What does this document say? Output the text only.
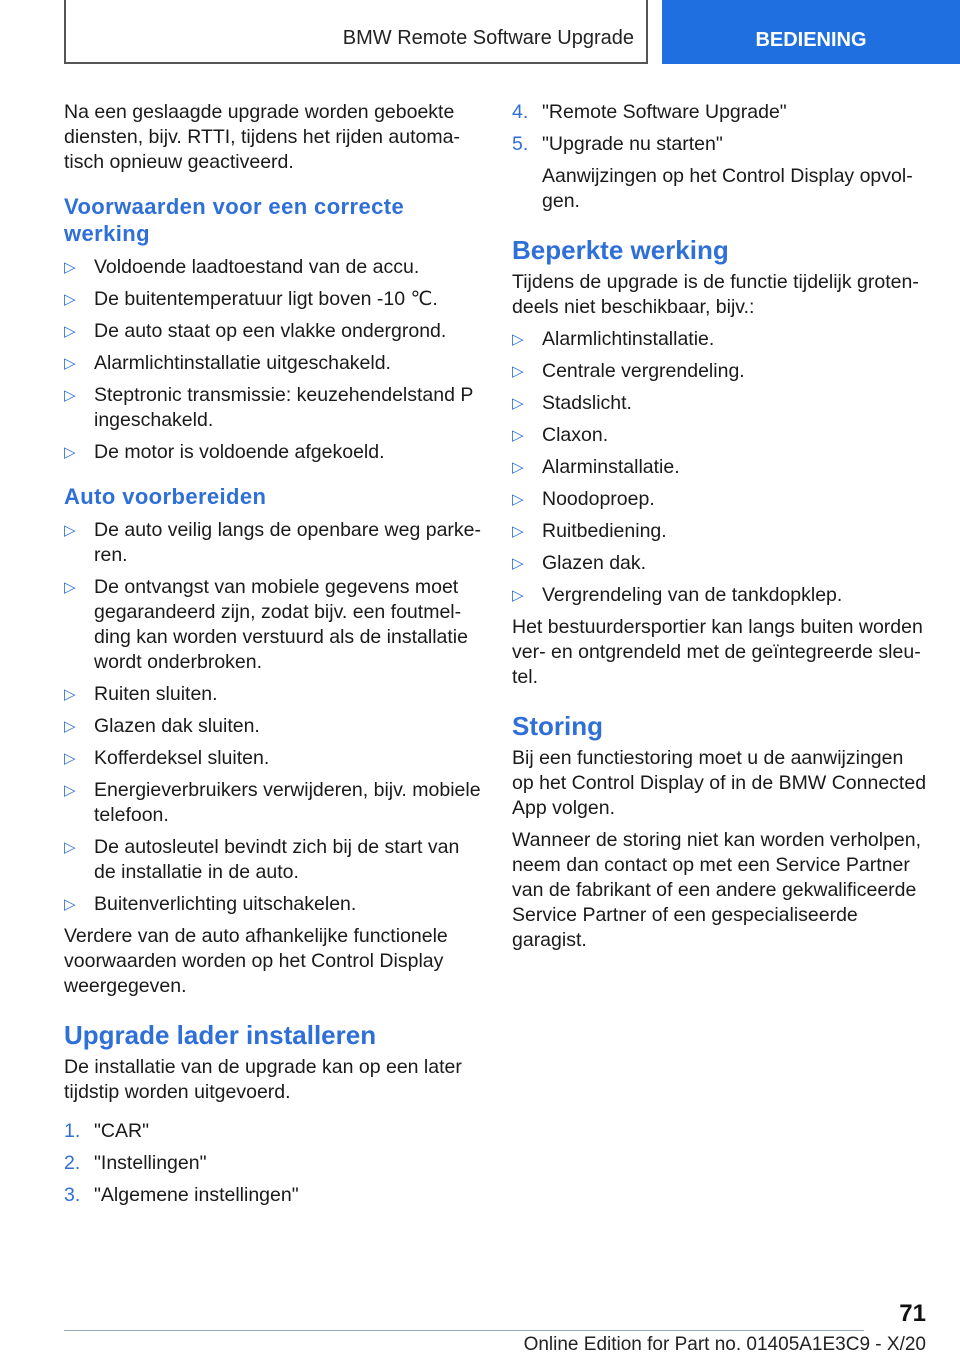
BMW Remote Software Upgrade	BEDIENING

Na een geslaagde upgrade worden geboekte diensten, bijv. RTTI, tijdens het rijden automatisch opnieuw geactiveerd.

Voorwaarden voor een correcte werking
▷ Voldoende laadtoestand van de accu.
▷ De buitentemperatuur ligt boven -10 ℃.
▷ De auto staat op een vlakke ondergrond.
▷ Alarmlichtinstallatie uitgeschakeld.
▷ Steptronic transmissie: keuzehendelstand P ingeschakeld.
▷ De motor is voldoende afgekoeld.
Auto voorbereiden
▷ De auto veilig langs de openbare weg parkeren.
▷ De ontvangst van mobiele gegevens moet gegarandeerd zijn, zodat bijv. een foutmelding kan worden verstuurd als de installatie wordt onderbroken.
▷ Ruiten sluiten.
▷ Glazen dak sluiten.
▷ Kofferdeksel sluiten.
▷ Energieverbruikers verwijderen, bijv. mobiele telefoon.
▷ De autosleutel bevindt zich bij de start van de installatie in de auto.
▷ Buitenverlichting uitschakelen.

Verdere van de auto afhankelijke functionele voorwaarden worden op het Control Display weergegeven.

Upgrade lader installeren

De installatie van de upgrade kan op een later tijdstip worden uitgevoerd.

1. "CAR"
2. "Instellingen"
3. "Algemene instellingen"
4. "Remote Software Upgrade"
5. "Upgrade nu starten"
Aanwijzingen op het Control Display opvolgen.
Beperkte werking

Tijdens de upgrade is de functie tijdelijk grotendeels niet beschikbaar, bijv.:

▷ Alarmlichtinstallatie.
▷ Centrale vergrendeling.
▷ Stadslicht.
▷ Claxon.
▷ Alarminstallatie.
▷ Noodoproep.
▷ Ruitbediening.
▷ Glazen dak.
▷ Vergrendeling van de tankdopklep.

Het bestuurdersportier kan langs buiten worden ver- en ontgrendeld met de geïntegreerde sleutel.

Storing

Bij een functiestoring moet u de aanwijzingen op het Control Display of in de BMW Connected App volgen.

Wanneer de storing niet kan worden verholpen, neem dan contact op met een Service Partner van de fabrikant of een andere gekwalificeerde Service Partner of een gespecialiseerde garagist.

71
Online Edition for Part no. 01405A1E3C9 - X/20
